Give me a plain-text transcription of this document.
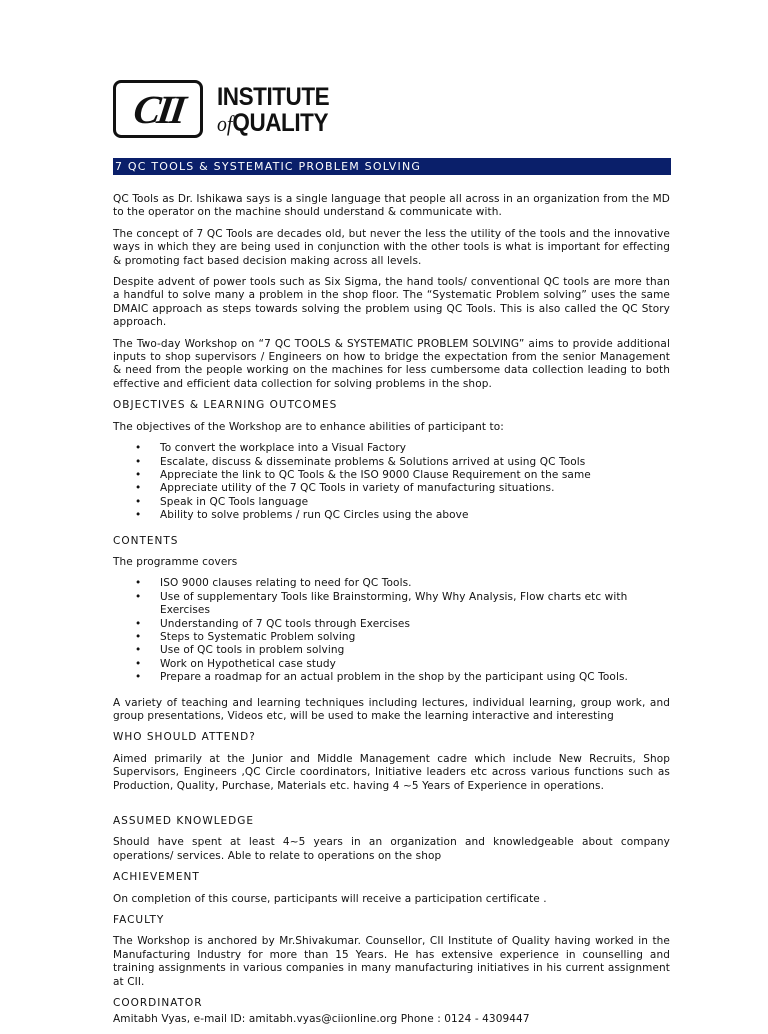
CII INSTITUTE
ofQUALITY
7 QC TOOLS & SYSTEMATIC PROBLEM SOLVING

QC Tools as Dr. Ishikawa says is a single language that people all across in an organization from the MD to the operator on the machine should understand & communicate with.

The concept of 7 QC Tools are decades old, but never the less the utility of the tools and the innovative ways in which they are being used in conjunction with the other tools is what is important for effecting & promoting fact based decision making across all levels.

Despite advent of power tools such as Six Sigma, the hand tools/ conventional QC tools are more than a handful to solve many a problem in the shop floor. The “Systematic Problem solving” uses the same DMAIC approach as steps towards solving the problem using QC Tools. This is also called the QC Story approach.

The Two-day Workshop on “7 QC TOOLS & SYSTEMATIC PROBLEM SOLVING” aims to provide additional inputs to shop supervisors / Engineers on how to bridge the expectation from the senior Management & need from the people working on the machines for less cumbersome data collection leading to both effective and efficient data collection for solving problems in the shop.

OBJECTIVES & LEARNING OUTCOMES

The objectives of the Workshop are to enhance abilities of participant to:

• To convert the workplace into a Visual Factory
• Escalate, discuss & disseminate problems & Solutions arrived at using QC Tools
• Appreciate the link to QC Tools & the ISO 9000 Clause Requirement on the same
• Appreciate utility of the 7 QC Tools in variety of manufacturing situations.
• Speak in QC Tools language
• Ability to solve problems / run QC Circles using the above
CONTENTS

The programme covers

• ISO 9000 clauses relating to need for QC Tools.
• Use of supplementary Tools like Brainstorming, Why Why Analysis, Flow charts etc with Exercises
• Understanding of 7 QC tools through Exercises
• Steps to Systematic Problem solving
• Use of QC tools in problem solving
• Work on Hypothetical case study
• Prepare a roadmap for an actual problem in the shop by the participant using QC Tools.

A variety of teaching and learning techniques including lectures, individual learning, group work, and group presentations, Videos etc, will be used to make the learning interactive and interesting

WHO SHOULD ATTEND?

Aimed primarily at the Junior and Middle Management cadre which include New Recruits, Shop Supervisors, Engineers ,QC Circle coordinators, Initiative leaders etc across various functions such as Production, Quality, Purchase, Materials etc. having 4 ~5 Years of Experience in operations.

ASSUMED KNOWLEDGE

Should have spent at least 4~5 years in an organization and knowledgeable about company operations/ services. Able to relate to operations on the shop

ACHIEVEMENT

On completion of this course, participants will receive a participation certificate .

FACULTY

The Workshop is anchored by Mr.Shivakumar. Counsellor, CII Institute of Quality having worked in the Manufacturing Industry for more than 15 Years. He has extensive experience in counselling and training assignments in various companies in many manufacturing initiatives in his current assignment at CII.

COORDINATOR

Amitabh Vyas, e-mail ID: amitabh.vyas@ciionline.org Phone : 0124 - 4309447
